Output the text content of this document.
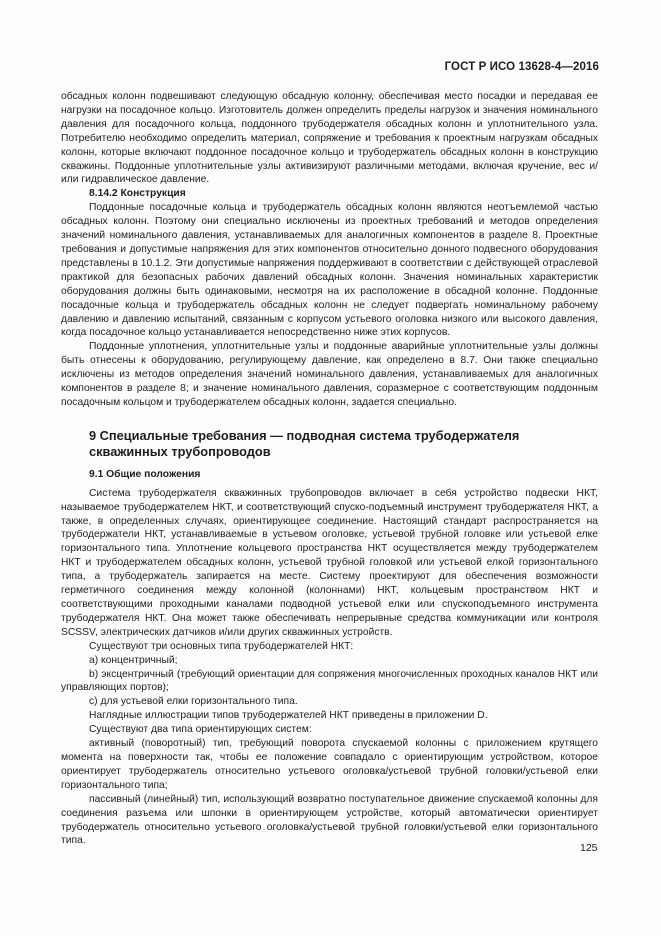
ГОСТ Р ИСО 13628-4—2016

обсадных колонн подвешивают следующую обсадную колонну, обеспечивая место посадки и передавая ее нагрузки на посадочное кольцо. Изготовитель должен определить пределы нагрузок и значения номинального давления для посадочного кольца, поддонного трубодержателя обсадных колонн и уплотнительного узла. Потребителю необходимо определить материал, сопряжение и требования к проектным нагрузкам обсадных колонн, которые включают поддонное посадочное кольцо и трубодержатель обсадных колонн в конструкцию скважины. Поддонные уплотнительные узлы активизируют различными методами, включая кручение, вес и/или гидравлическое давление.

8.14.2 Конструкция

Поддонные посадочные кольца и трубодержатель обсадных колонн являются неотъемлемой частью обсадных колонн. Поэтому они специально исключены из проектных требований и методов определения значений номинального давления, устанавливаемых для аналогичных компонентов в разделе 8. Проектные требования и допустимые напряжения для этих компонентов относительно донного подвесного оборудования представлены в 10.1.2. Эти допустимые напряжения поддерживают в соответствии с действующей отраслевой практикой для безопасных рабочих давлений обсадных колонн. Значения номинальных характеристик оборудования должны быть одинаковыми, несмотря на их расположение в обсадной колонне. Поддонные посадочные кольца и трубодержатель обсадных колонн не следует подвергать номинальному рабочему давлению и давлению испытаний, связанным с корпусом устьевого оголовка низкого или высокого давления, когда посадочное кольцо устанавливается непосредственно ниже этих корпусов.

Поддонные уплотнения, уплотнительные узлы и поддонные аварийные уплотнительные узлы должны быть отнесены к оборудованию, регулирующему давление, как определено в 8.7. Они также специально исключены из методов определения значений номинального давления, устанавливаемых для аналогичных компонентов в разделе 8; и значение номинального давления, соразмерное с соответствующим поддонным посадочным кольцом и трубодержателем обсадных колонн, задается специально.

9 Специальные требования — подводная система трубодержателя скважинных трубопроводов

9.1 Общие положения

Система трубодержателя скважинных трубопроводов включает в себя устройство подвески НКТ, называемое трубодержателем НКТ, и соответствующий спуско-подъемный инструмент трубодержателя НКТ, а также, в определенных случаях, ориентирующее соединение. Настоящий стандарт распространяется на трубодержатели НКТ, устанавливаемые в устьевом оголовке, устьевой трубной головке или устьевой елке горизонтального типа. Уплотнение кольцевого пространства НКТ осуществляется между трубодержателем НКТ и трубодержателем обсадных колонн, устьевой трубной головкой или устьевой елкой горизонтального типа, а трубодержатель запирается на месте. Систему проектируют для обеспечения возможности герметичного соединения между колонной (колоннами) НКТ, кольцевым пространством НКТ и соответствующими проходными каналами подводной устьевой елки или спускоподъемного инструмента трубодержателя НКТ. Она может также обеспечивать непрерывные средства коммуникации или контроля SCSSV, электрических датчиков и/или других скважинных устройств.

Существуют три основных типа трубодержателей НКТ:

a) концентричный;

b) эксцентричный (требующий ориентации для сопряжения многочисленных проходных каналов НКТ или управляющих портов);

c) для устьевой елки горизонтального типа.

Наглядные иллюстрации типов трубодержателей НКТ приведены в приложении D.

Существуют два типа ориентирующих систем:

активный (поворотный) тип, требующий поворота спускаемой колонны с приложением крутящего момента на поверхности так, чтобы ее положение совпадало с ориентирующим устройством, которое ориентирует трубодержатель относительно устьевого оголовка/устьевой трубной головки/устьевой елки горизонтального типа;

пассивный (линейный) тип, использующий возвратно поступательное движение спускаемой колонны для соединения разъема или шпонки в ориентирующем устройстве, который автоматически ориентирует трубодержатель относительно устьевого оголовка/устьевой трубной головки/устьевой елки горизонтального типа.

125
